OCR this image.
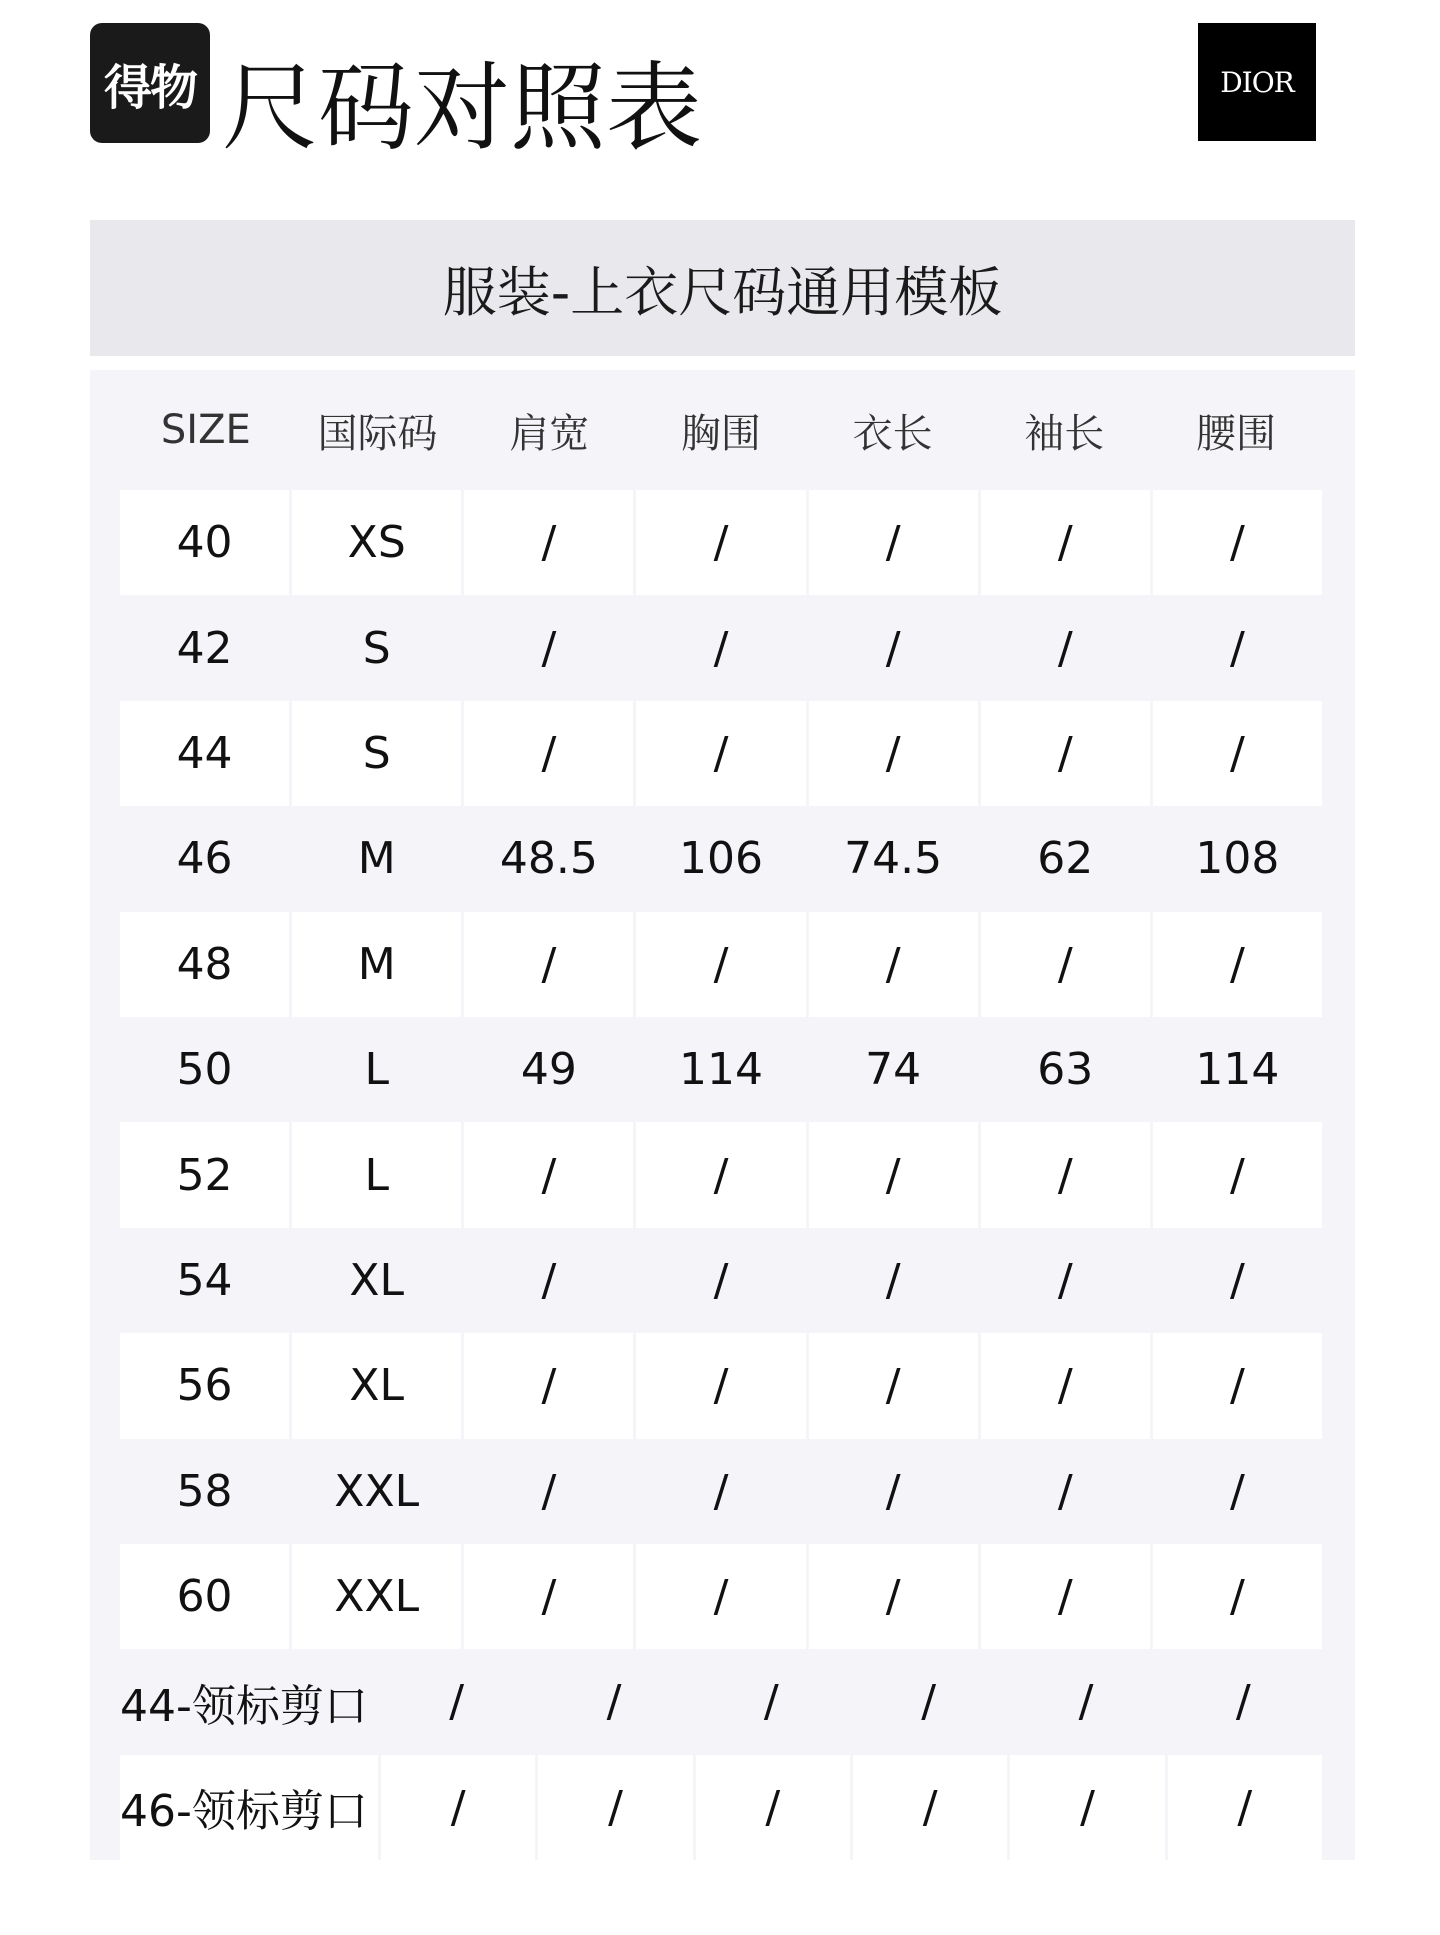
得物 尺码对照表	DIOR
服装-上衣尺码通用模板
SIZE	国际码	肩宽	胸围	衣长	袖长	腰围
40	XS	/	/	/	/	/
42	S	/	/	/	/	/
44	S	/	/	/	/	/
46	M	48.5	106	74.5	62	108
48	M	/	/	/	/	/
50	L	49	114	74	63	114
52	L	/	/	/	/	/
54	XL	/	/	/	/	/
56	XL	/	/	/	/	/
58	XXL	/	/	/	/	/
60	XXL	/	/	/	/	/
44-领标剪口	/	/	/	/	/	/
46-领标剪口	/	/	/	/	/	/
